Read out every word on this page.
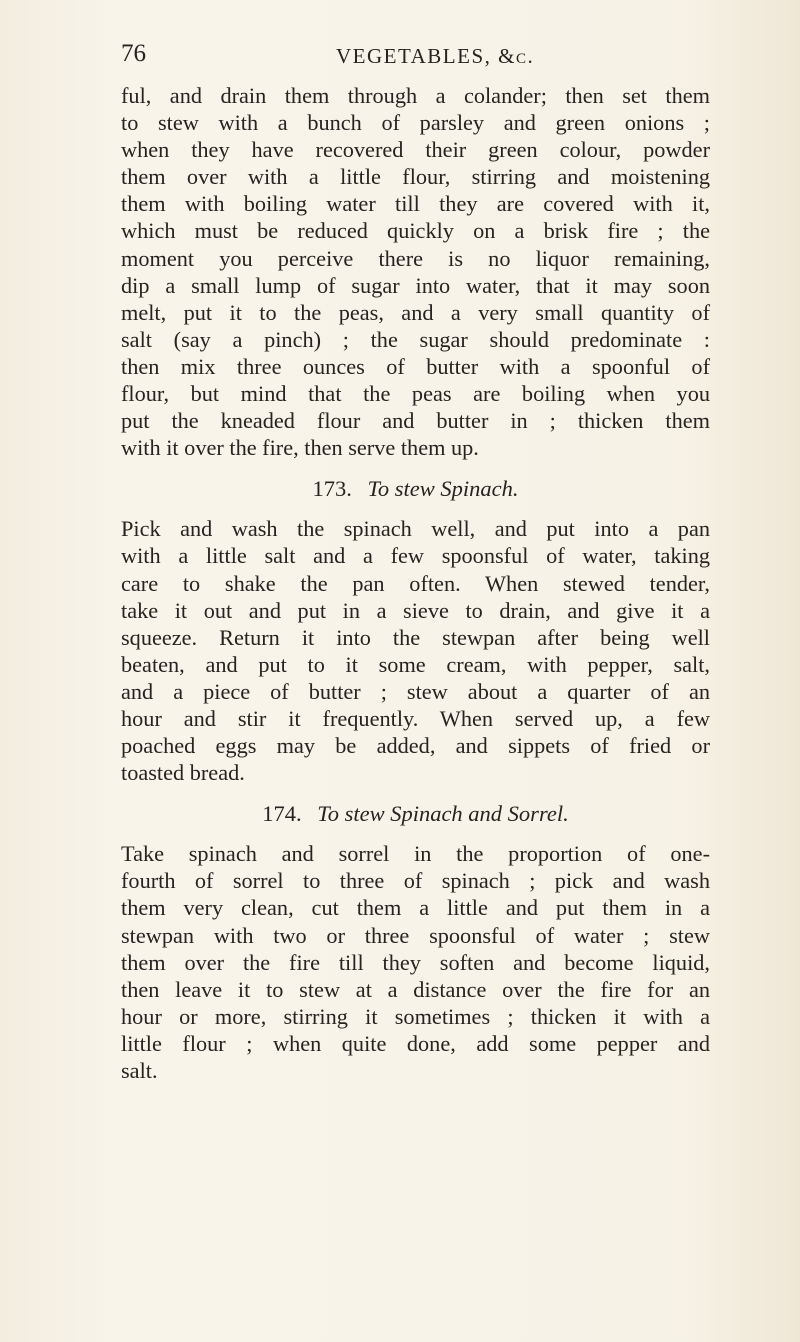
76	VEGETABLES, &c.

ful, and drain them through a colander; then set them
to stew with a bunch of parsley and green onions ;
when they have recovered their green colour, powder
them over with a little flour, stirring and moistening
them with boiling water till they are covered with it,
which must be reduced quickly on a brisk fire ; the
moment you perceive there is no liquor remaining,
dip a small lump of sugar into water, that it may soon
melt, put it to the peas, and a very small quantity of
salt (say a pinch) ; the sugar should predominate :
then mix three ounces of butter with a spoonful of
flour, but mind that the peas are boiling when you
put the kneaded flour and butter in ; thicken them
with it over the fire, then serve them up.

173. To stew Spinach.

Pick and wash the spinach well, and put into a pan
with a little salt and a few spoonsful of water, taking
care to shake the pan often. When stewed tender,
take it out and put in a sieve to drain, and give it a
squeeze. Return it into the stewpan after being well
beaten, and put to it some cream, with pepper, salt,
and a piece of butter ; stew about a quarter of an
hour and stir it frequently. When served up, a few
poached eggs may be added, and sippets of fried or
toasted bread.

174. To stew Spinach and Sorrel.

Take spinach and sorrel in the proportion of one-
fourth of sorrel to three of spinach ; pick and wash
them very clean, cut them a little and put them in a
stewpan with two or three spoonsful of water ; stew
them over the fire till they soften and become liquid,
then leave it to stew at a distance over the fire for an
hour or more, stirring it sometimes ; thicken it with a
little flour ; when quite done, add some pepper and
salt.
